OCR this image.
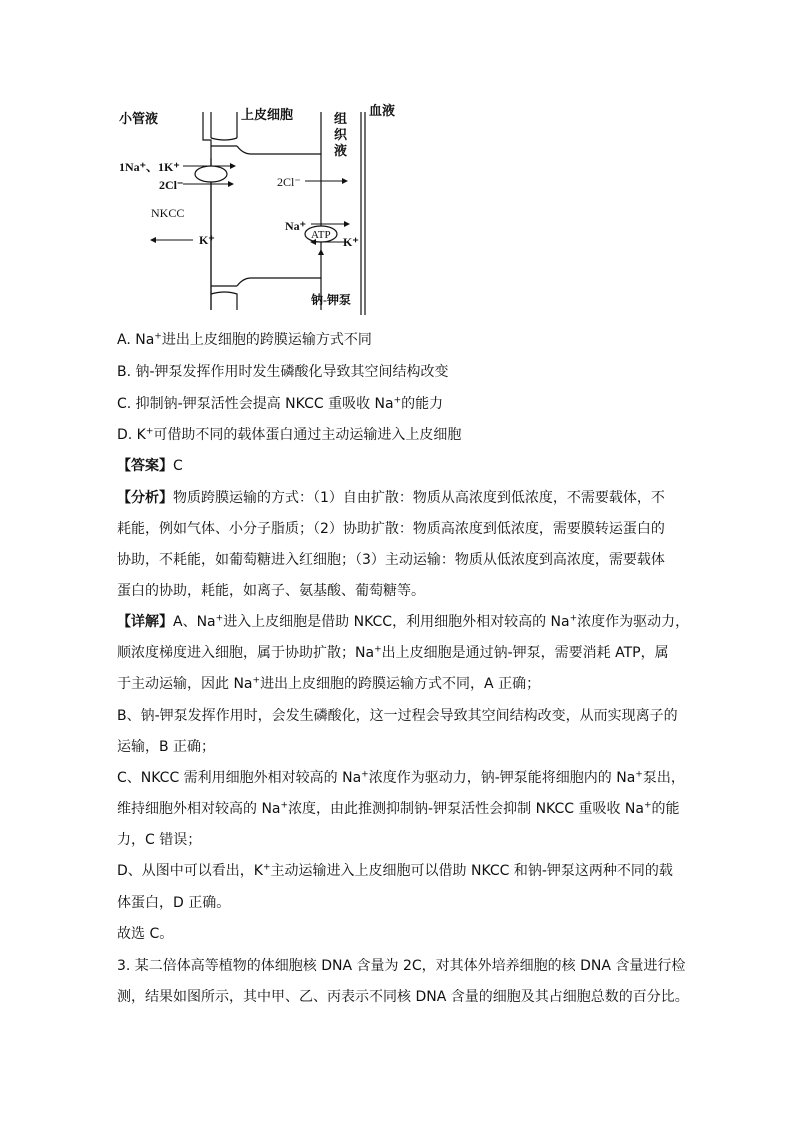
小管液	上皮细胞	组
织
液
血液
1Na⁺、1K⁺
2Cl⁻
NKCC
2Cl⁻
K⁺
Na⁺
ATP K⁺
钠-钾泵
A. Na+进出上皮细胞的跨膜运输方式不同
B. 钠-钾泵发挥作用时发生磷酸化导致其空间结构改变
C. 抑制钠-钾泵活性会提高 NKCC 重吸收 Na+的能力
D. K+可借助不同的载体蛋白通过主动运输进入上皮细胞
【答案】C
【分析】物质跨膜运输的方式：（1）自由扩散：物质从高浓度到低浓度，不需要载体，不
耗能，例如气体、小分子脂质；（2）协助扩散：物质高浓度到低浓度，需要膜转运蛋白的
协助，不耗能，如葡萄糖进入红细胞；（3）主动运输：物质从低浓度到高浓度，需要载体
蛋白的协助，耗能，如离子、氨基酸、葡萄糖等。
【详解】A、Na+进入上皮细胞是借助 NKCC，利用细胞外相对较高的 Na+浓度作为驱动力，
顺浓度梯度进入细胞，属于协助扩散；Na+出上皮细胞是通过钠-钾泵，需要消耗 ATP，属
于主动运输，因此 Na+进出上皮细胞的跨膜运输方式不同，A 正确；
B、钠-钾泵发挥作用时，会发生磷酸化，这一过程会导致其空间结构改变，从而实现离子的
运输，B 正确；
C、NKCC 需利用细胞外相对较高的 Na+浓度作为驱动力，钠-钾泵能将细胞内的 Na+泵出，
维持细胞外相对较高的 Na+浓度，由此推测抑制钠-钾泵活性会抑制 NKCC 重吸收 Na+的能
力，C 错误；
D、从图中可以看出，K+主动运输进入上皮细胞可以借助 NKCC 和钠-钾泵这两种不同的载
体蛋白，D 正确。
故选 C。
3. 某二倍体高等植物的体细胞核 DNA 含量为 2C，对其体外培养细胞的核 DNA 含量进行检
测，结果如图所示，其中甲、乙、丙表示不同核 DNA 含量的细胞及其占细胞总数的百分比。
